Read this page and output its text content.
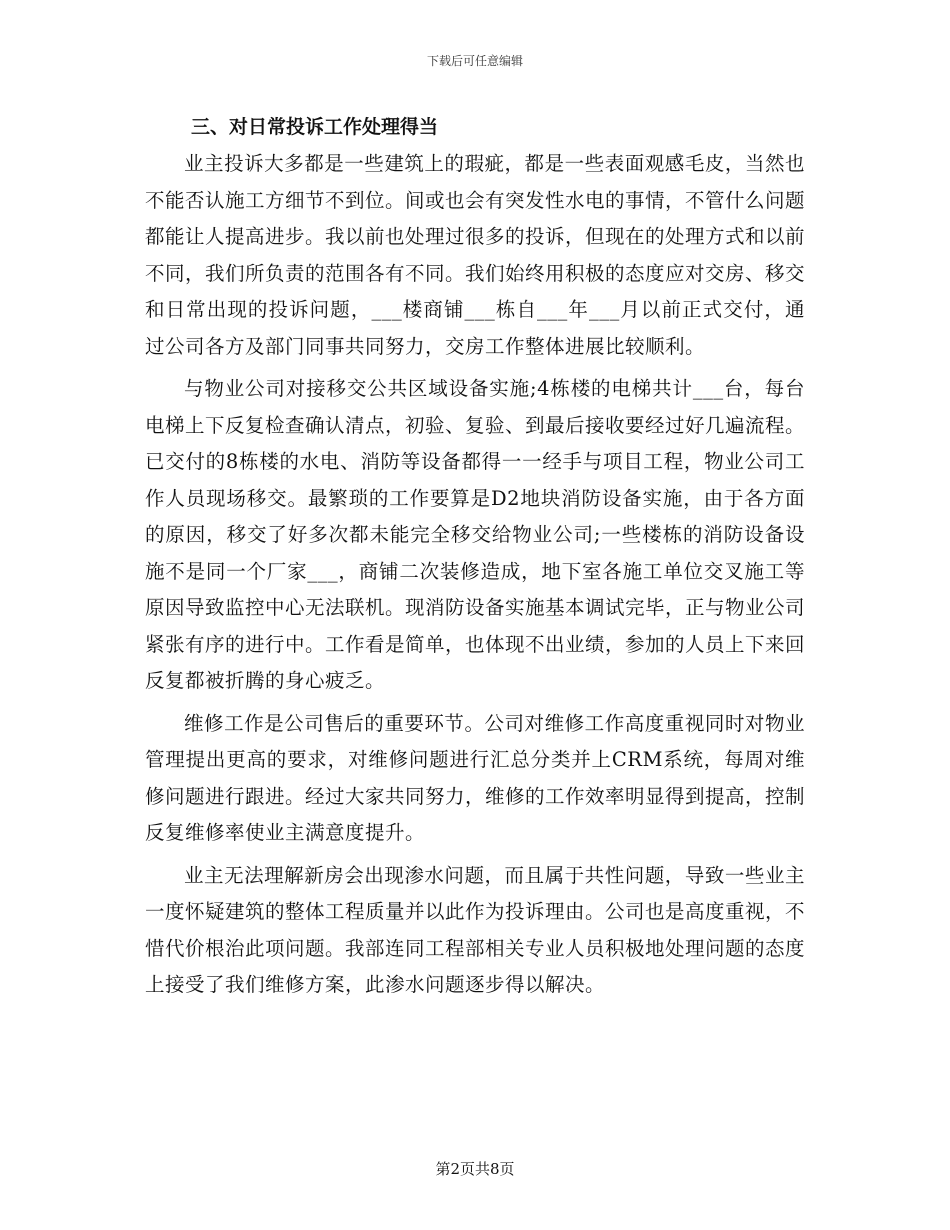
下载后可任意编辑
三、对日常投诉工作处理得当

业主投诉大多都是一些建筑上的瑕疵，都是一些表面观感毛皮，当然也不能否认施工方细节不到位。间或也会有突发性水电的事情，不管什么问题都能让人提高进步。我以前也处理过很多的投诉，但现在的处理方式和以前不同，我们所负责的范围各有不同。我们始终用积极的态度应对交房、移交和日常出现的投诉问题，___楼商铺___栋自___年___月以前正式交付，通过公司各方及部门同事共同努力，交房工作整体进展比较顺利。

与物业公司对接移交公共区域设备实施;4栋楼的电梯共计___台，每台电梯上下反复检查确认清点，初验、复验、到最后接收要经过好几遍流程。已交付的8栋楼的水电、消防等设备都得一一经手与项目工程，物业公司工作人员现场移交。最繁琐的工作要算是D2地块消防设备实施，由于各方面的原因，移交了好多次都未能完全移交给物业公司;一些楼栋的消防设备设施不是同一个厂家___，商铺二次装修造成，地下室各施工单位交叉施工等原因导致监控中心无法联机。现消防设备实施基本调试完毕，正与物业公司紧张有序的进行中。工作看是简单，也体现不出业绩，参加的人员上下来回反复都被折腾的身心疲乏。

维修工作是公司售后的重要环节。公司对维修工作高度重视同时对物业管理提出更高的要求，对维修问题进行汇总分类并上CRM系统，每周对维修问题进行跟进。经过大家共同努力，维修的工作效率明显得到提高，控制反复维修率使业主满意度提升。

业主无法理解新房会出现渗水问题，而且属于共性问题，导致一些业主一度怀疑建筑的整体工程质量并以此作为投诉理由。公司也是高度重视，不惜代价根治此项问题。我部连同工程部相关专业人员积极地处理问题的态度上接受了我们维修方案，此渗水问题逐步得以解决。

第2页共8页
